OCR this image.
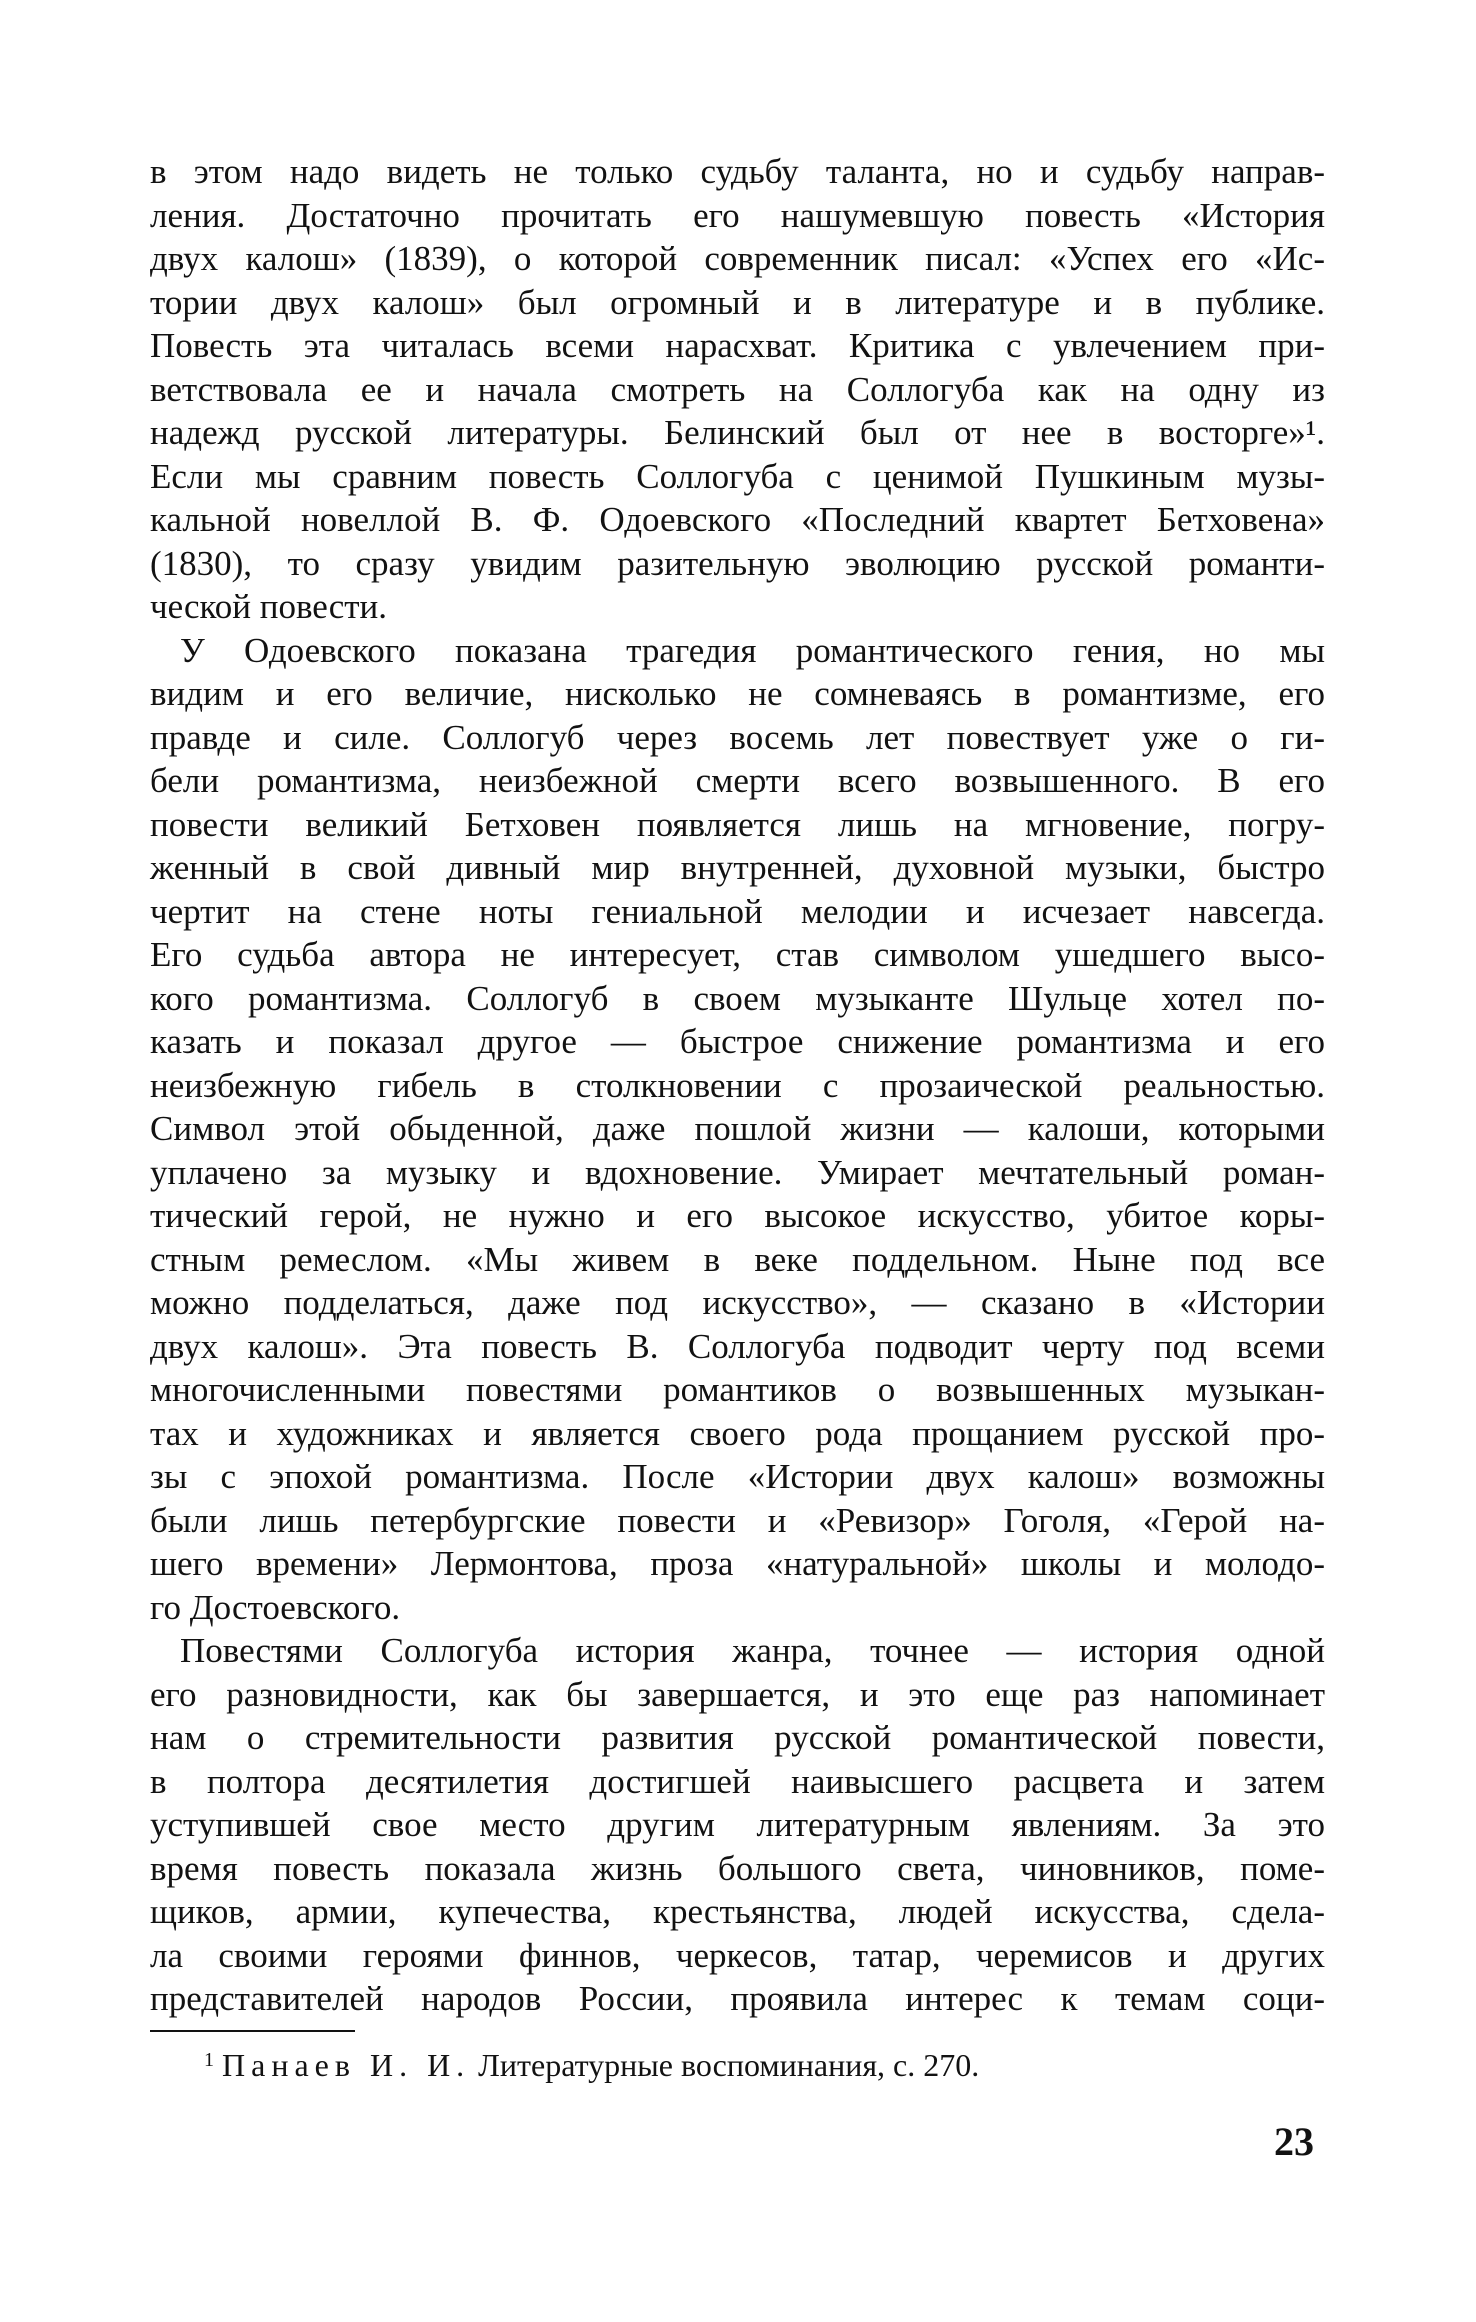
в этом надо видеть не только судьбу таланта, но и судьбу направ-
ления. Достаточно прочитать его нашумевшую повесть «История
двух калош» (1839), о которой современник писал: «Успех его «Ис-
тории двух калош» был огромный и в литературе и в публике.
Повесть эта читалась всеми нарасхват. Критика с увлечением при-
ветствовала ее и начала смотреть на Соллогуба как на одну из
надежд русской литературы. Белинский был от нее в восторге»¹.
Если мы сравним повесть Соллогуба с ценимой Пушкиным музы-
кальной новеллой В. Ф. Одоевского «Последний квартет Бетховена»
(1830), то сразу увидим разительную эволюцию русской романти-
ческой повести.

У Одоевского показана трагедия романтического гения, но мы
видим и его величие, нисколько не сомневаясь в романтизме, его
правде и силе. Соллогуб через восемь лет повествует уже о ги-
бели романтизма, неизбежной смерти всего возвышенного. В его
повести великий Бетховен появляется лишь на мгновение, погру-
женный в свой дивный мир внутренней, духовной музыки, быстро
чертит на стене ноты гениальной мелодии и исчезает навсегда.
Его судьба автора не интересует, став символом ушедшего высо-
кого романтизма. Соллогуб в своем музыканте Шульце хотел по-
казать и показал другое — быстрое снижение романтизма и его
неизбежную гибель в столкновении с прозаической реальностью.
Символ этой обыденной, даже пошлой жизни — калоши, которыми
уплачено за музыку и вдохновение. Умирает мечтательный роман-
тический герой, не нужно и его высокое искусство, убитое коры-
стным ремеслом. «Мы живем в веке поддельном. Ныне под все
можно подделаться, даже под искусство», — сказано в «Истории
двух калош». Эта повесть В. Соллогуба подводит черту под всеми
многочисленными повестями романтиков о возвышенных музыкан-
тах и художниках и является своего рода прощанием русской про-
зы с эпохой романтизма. После «Истории двух калош» возможны
были лишь петербургские повести и «Ревизор» Гоголя, «Герой на-
шего времени» Лермонтова, проза «натуральной» школы и молодо-
го Достоевского.

Повестями Соллогуба история жанра, точнее — история одной
его разновидности, как бы завершается, и это еще раз напоминает
нам о стремительности развития русской романтической повести,
в полтора десятилетия достигшей наивысшего расцвета и затем
уступившей свое место другим литературным явлениям. За это
время повесть показала жизнь большого света, чиновников, поме-
щиков, армии, купечества, крестьянства, людей искусства, сдела-
ла своими героями финнов, черкесов, татар, черемисов и других
представителей народов России, проявила интерес к темам соци-

$^1$ Панаев И. И. Литературные воспоминания, с. 270.
23
